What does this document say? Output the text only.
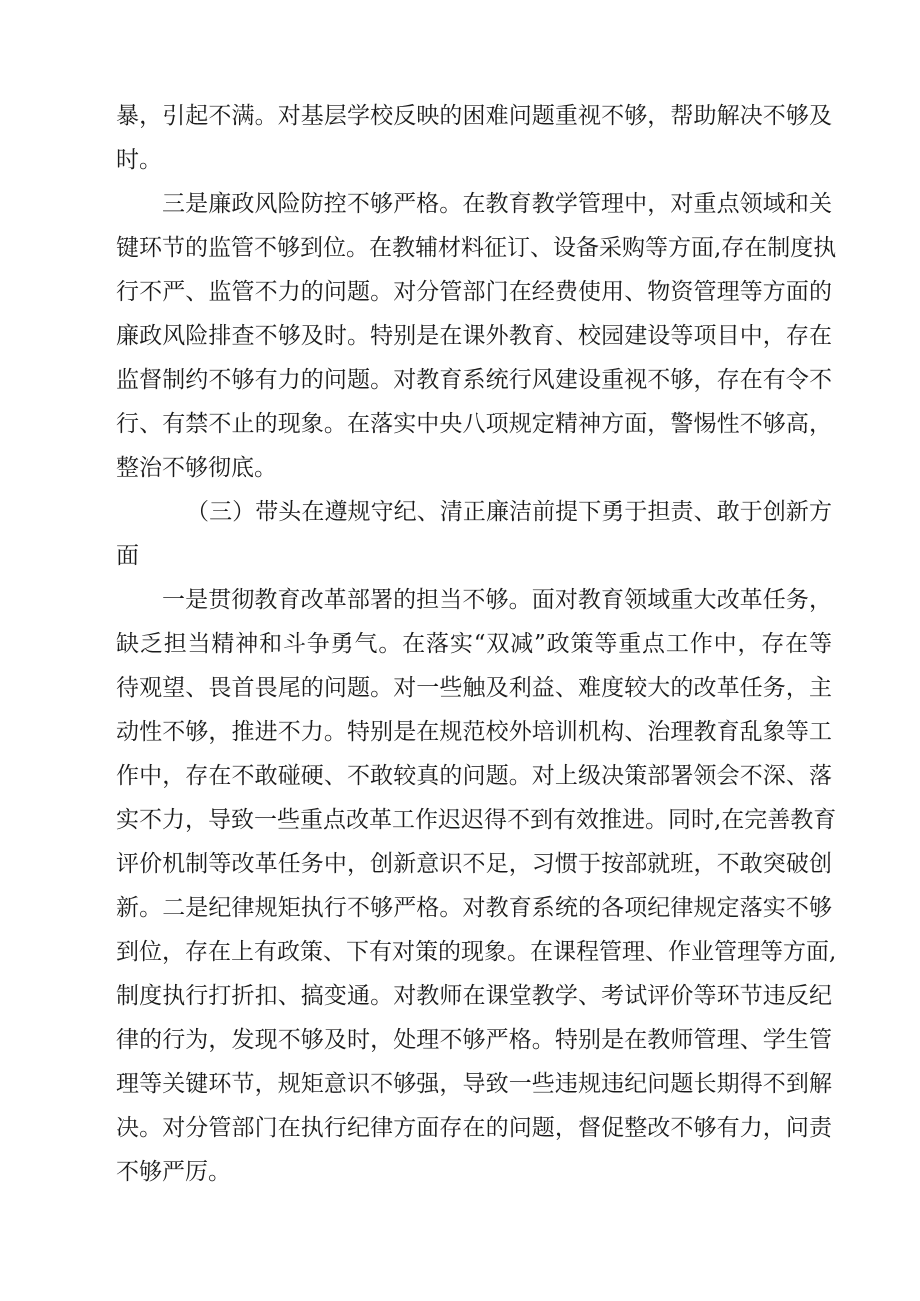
暴，引起不满。对基层学校反映的困难问题重视不够，帮助解决不够及

时。

三是廉政风险防控不够严格。在教育教学管理中，对重点领域和关

键环节的监管不够到位。在教辅材料征订、设备采购等方面,存在制度执

行不严、监管不力的问题。对分管部门在经费使用、物资管理等方面的

廉政风险排查不够及时。特别是在课外教育、校园建设等项目中，存在

监督制约不够有力的问题。对教育系统行风建设重视不够，存在有令不

行、有禁不止的现象。在落实中央八项规定精神方面，警惕性不够高，

整治不够彻底。

（三）带头在遵规守纪、清正廉洁前提下勇于担责、敢于创新方

面

一是贯彻教育改革部署的担当不够。面对教育领域重大改革任务，

缺乏担当精神和斗争勇气。在落实“双减”政策等重点工作中，存在等

待观望、畏首畏尾的问题。对一些触及利益、难度较大的改革任务，主

动性不够，推进不力。特别是在规范校外培训机构、治理教育乱象等工

作中，存在不敢碰硬、不敢较真的问题。对上级决策部署领会不深、落

实不力，导致一些重点改革工作迟迟得不到有效推进。同时,在完善教育

评价机制等改革任务中，创新意识不足，习惯于按部就班，不敢突破创

新。二是纪律规矩执行不够严格。对教育系统的各项纪律规定落实不够

到位，存在上有政策、下有对策的现象。在课程管理、作业管理等方面,

制度执行打折扣、搞变通。对教师在课堂教学、考试评价等环节违反纪

律的行为，发现不够及时，处理不够严格。特别是在教师管理、学生管

理等关键环节，规矩意识不够强，导致一些违规违纪问题长期得不到解

决。对分管部门在执行纪律方面存在的问题，督促整改不够有力，问责

不够严厉。
